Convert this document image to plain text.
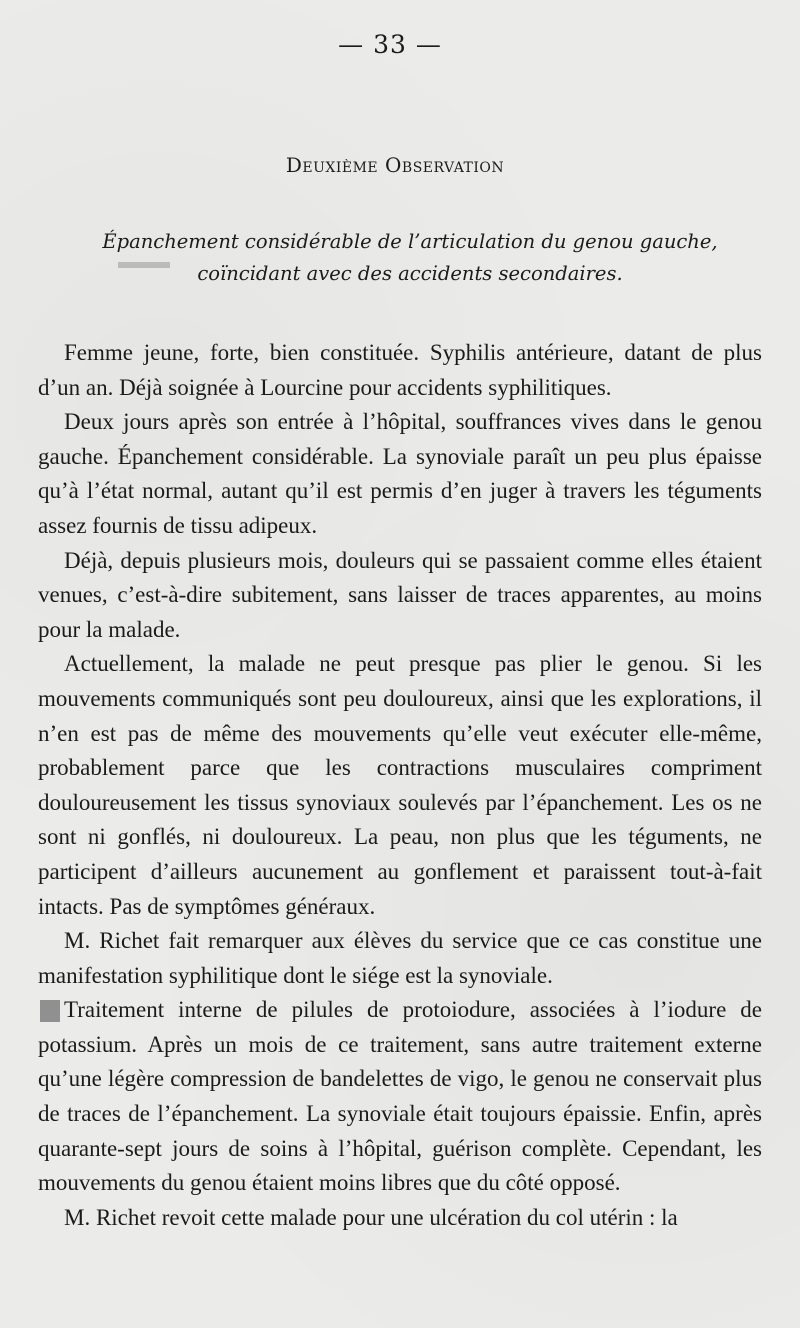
— 33 —
Deuxième Observation
Épanchement considérable de l’articulation du genou gauche,
coïncidant avec des accidents secondaires.

Femme jeune, forte, bien constituée. Syphilis antérieure, datant de plus d’un an. Déjà soignée à Lourcine pour accidents syphilitiques.

Deux jours après son entrée à l’hôpital, souffrances vives dans le genou gauche. Épanchement considérable. La synoviale paraît un peu plus épaisse qu’à l’état normal, autant qu’il est permis d’en juger à travers les téguments assez fournis de tissu adipeux.

Déjà, depuis plusieurs mois, douleurs qui se passaient comme elles étaient venues, c’est-à-dire subitement, sans laisser de traces apparentes, au moins pour la malade.

Actuellement, la malade ne peut presque pas plier le genou. Si les mouvements communiqués sont peu douloureux, ainsi que les explorations, il n’en est pas de même des mouvements qu’elle veut exécuter elle-même, probablement parce que les contractions musculaires compriment douloureusement les tissus synoviaux soulevés par l’épanchement. Les os ne sont ni gonflés, ni douloureux. La peau, non plus que les téguments, ne participent d’ailleurs aucunement au gonflement et paraissent tout-à-fait intacts. Pas de symptômes généraux.

M. Richet fait remarquer aux élèves du service que ce cas constitue une manifestation syphilitique dont le siége est la synoviale.

Traitement interne de pilules de protoiodure, associées à l’iodure de potassium. Après un mois de ce traitement, sans autre traitement externe qu’une légère compression de bandelettes de vigo, le genou ne conservait plus de traces de l’épanchement. La synoviale était toujours épaissie. Enfin, après quarante-sept jours de soins à l’hôpital, guérison complète. Cependant, les mouvements du genou étaient moins libres que du côté opposé.

M. Richet revoit cette malade pour une ulcération du col utérin : la
